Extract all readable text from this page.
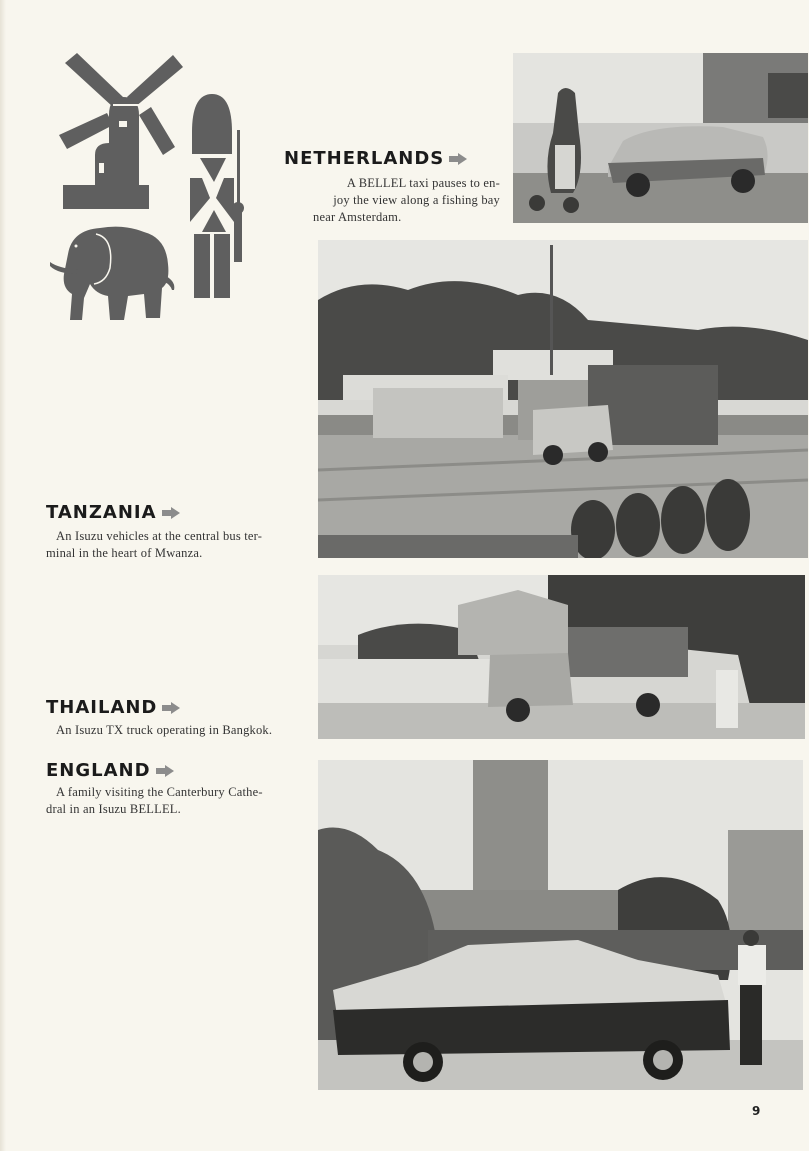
NETHERLANDS
A BELLEL taxi pauses to en-
joy the view along a fishing bay
near Amsterdam.
TANZANIA
An Isuzu vehicles at the central bus ter-
minal in the heart of Mwanza.
THAILAND
An Isuzu TX truck operating in Bangkok.
ENGLAND
A family visiting the Canterbury Cathe-
dral in an Isuzu BELLEL.
9
